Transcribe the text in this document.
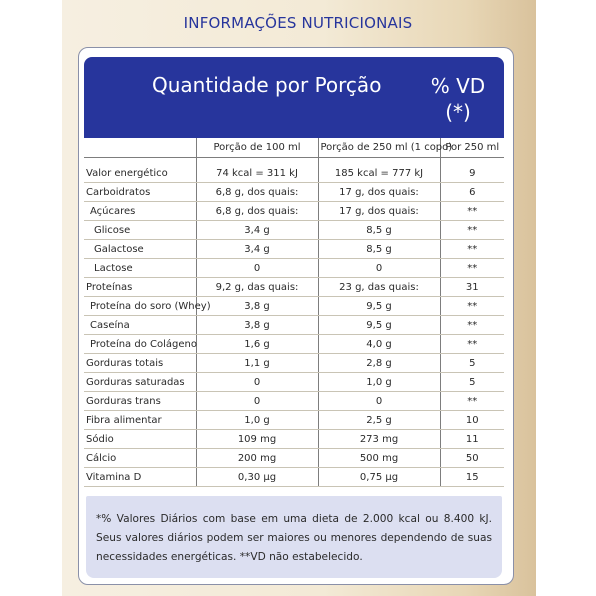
INFORMAÇÕES NUTRICIONAIS
Quantidade por Porção	% VD
(*)
	Porção de 100 ml	Porção de 250 ml (1 copo)	Por 250 ml

Valor energético	74 kcal = 311 kJ	185 kcal = 777 kJ	9
Carboidratos	6,8 g, dos quais:	17 g, dos quais:	6
Açúcares	6,8 g, dos quais:	17 g, dos quais:	**
Glicose	3,4 g	8,5 g	**
Galactose	3,4 g	8,5 g	**
Lactose	0	0	**
Proteínas	9,2 g, das quais:	23 g, das quais:	31
Proteína do soro (Whey)	3,8 g	9,5 g	**
Caseína	3,8 g	9,5 g	**
Proteína do Colágeno	1,6 g	4,0 g	**
Gorduras totais	1,1 g	2,8 g	5
Gorduras saturadas	0	1,0 g	5
Gorduras trans	0	0	**
Fibra alimentar	1,0 g	2,5 g	10
Sódio	109 mg	273 mg	11
Cálcio	200 mg	500 mg	50
Vitamina D	0,30 µg	0,75 µg	15
*% Valores Diários com base em uma dieta de 2.000 kcal ou 8.400 kJ. Seus valores diários podem ser maiores ou menores dependendo de suas necessidades energéticas. **VD não estabelecido.
